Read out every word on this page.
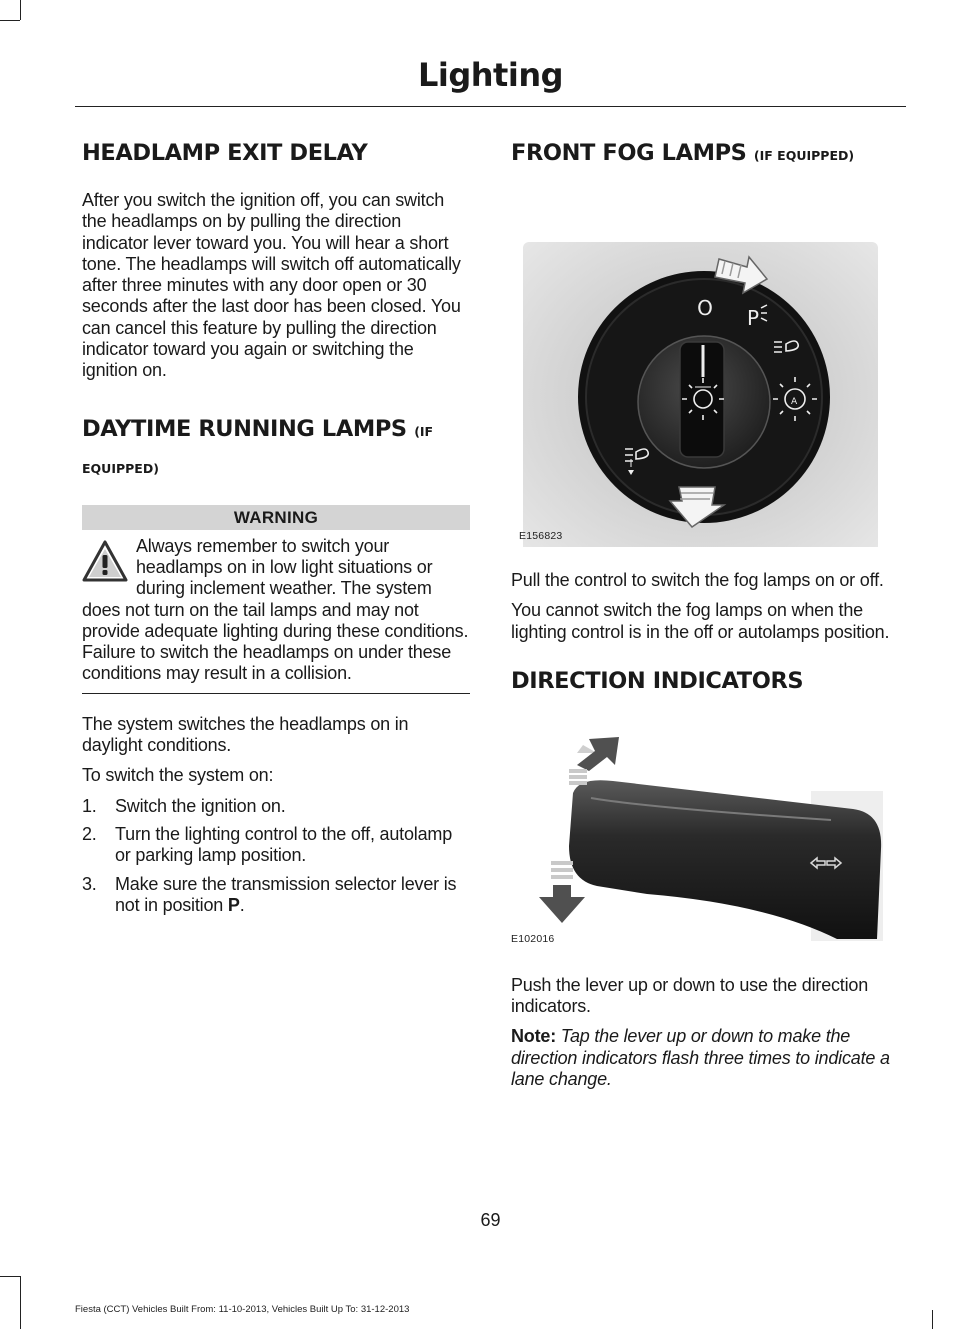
Lighting
HEADLAMP EXIT DELAY

After you switch the ignition off, you can switch the headlamps on by pulling the direction indicator lever toward you. You will hear a short tone. The headlamps will switch off automatically after three minutes with any door open or 30 seconds after the last door has been closed. You can cancel this feature by pulling the direction indicator toward you again or switching the ignition on.

DAYTIME RUNNING LAMPS (IF
EQUIPPED)
WARNING
Always remember to switch your headlamps on in low light situations or during inclement weather. The system does not turn on the tail lamps and may not provide adequate lighting during these conditions. Failure to switch the headlamps on under these conditions may result in a collision.

The system switches the headlamps on in daylight conditions.

To switch the system on:

1. Switch the ignition on.
2. Turn the lighting control to the off, autolamp or parking lamp position.
3. Make sure the transmission selector lever is not in position P.
FRONT FOG LAMPS (IF EQUIPPED)
O P
A
E156823

Pull the control to switch the fog lamps on or off.

You cannot switch the fog lamps on when the lighting control is in the off or autolamps position.

DIRECTION INDICATORS
E102016

Push the lever up or down to use the direction indicators.

Note: Tap the lever up or down to make the direction indicators flash three times to indicate a lane change.

69
Fiesta (CCT) Vehicles Built From: 11-10-2013, Vehicles Built Up To: 31-12-2013
